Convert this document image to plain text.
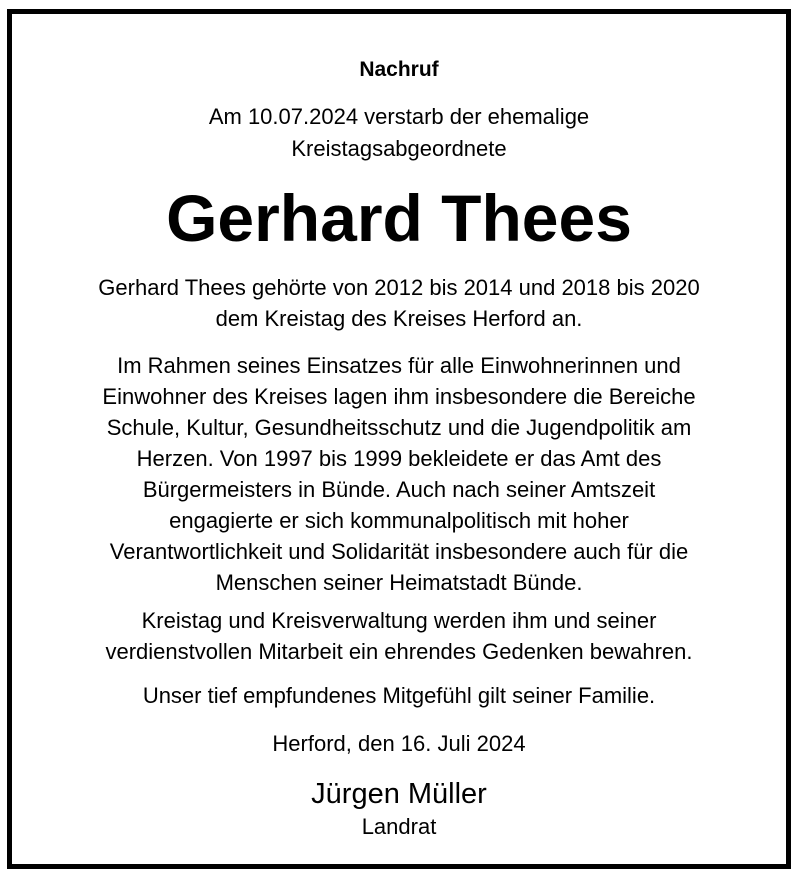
Nachruf
Am 10.07.2024 verstarb der ehemalige
Kreistagsabgeordnete
Gerhard Thees
Gerhard Thees gehörte von 2012 bis 2014 und 2018 bis 2020
dem Kreistag des Kreises Herford an.
Im Rahmen seines Einsatzes für alle Einwohnerinnen und
Einwohner des Kreises lagen ihm insbesondere die Bereiche
Schule, Kultur, Gesundheitsschutz und die Jugendpolitik am
Herzen. Von 1997 bis 1999 bekleidete er das Amt des
Bürgermeisters in Bünde. Auch nach seiner Amtszeit
engagierte er sich kommunalpolitisch mit hoher
Verantwortlichkeit und Solidarität insbesondere auch für die
Menschen seiner Heimatstadt Bünde.
Kreistag und Kreisverwaltung werden ihm und seiner
verdienstvollen Mitarbeit ein ehrendes Gedenken bewahren.
Unser tief empfundenes Mitgefühl gilt seiner Familie.
Herford, den 16. Juli 2024
Jürgen Müller
Landrat
